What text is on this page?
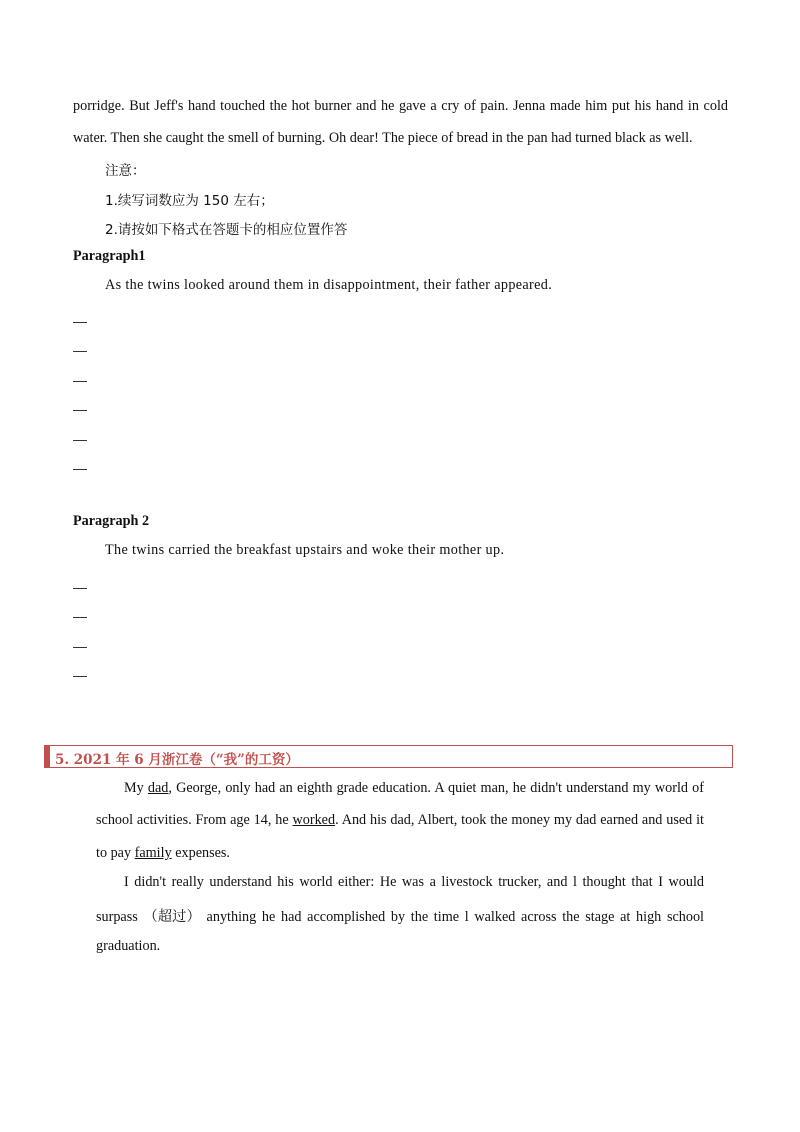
porridge. But Jeff's hand touched the hot burner and he gave a cry of pain. Jenna made him put his hand in cold
water. Then she caught the smell of burning. Oh dear! The piece of bread in the pan had turned black as well.
注意：
1.续写词数应为 150 左右；
2.请按如下格式在答题卡的相应位置作答
Paragraph1
As the twins looked around them in disappointment, their father appeared.
Paragraph 2
The twins carried the breakfast upstairs and woke their mother up.
5. 2021 年 6 月浙江卷（“我”的工资）
My dad, George, only had an eighth grade education. A quiet man, he didn't understand my world of
school activities. From age 14, he worked. And his dad, Albert, took the money my dad earned and used it
to pay family expenses.
I didn't really understand his world either: He was a livestock trucker, and l thought that I would
surpass （超过） anything he had accomplished by the time l walked across the stage at high school
graduation.
